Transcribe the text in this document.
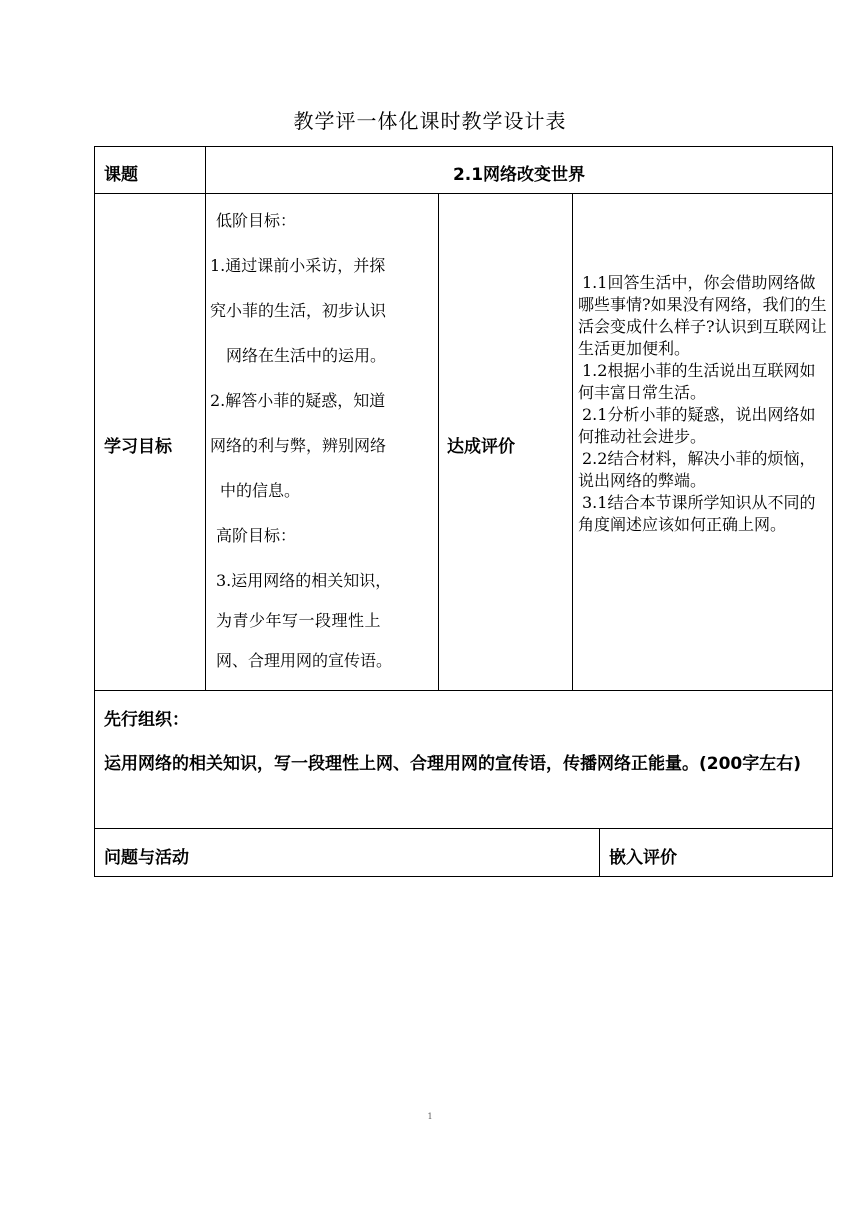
教学评一体化课时教学设计表
课题	2.1网络改变世界
学习目标
低阶目标：
1.通过课前小采访，并探
究小菲的生活，初步认识
网络在生活中的运用。
2.解答小菲的疑惑，知道
网络的利与弊，辨别网络
中的信息。
高阶目标：
3.运用网络的相关知识，
为青少年写一段理性上
网、合理用网的宣传语。
达成评价
1.1回答生活中，你会借助网络做哪些事情?如果没有网络，我们的生活会变成什么样子?认识到互联网让生活更加便利。
1.2根据小菲的生活说出互联网如何丰富日常生活。
2.1分析小菲的疑惑，说出网络如何推动社会进步。
2.2结合材料，解决小菲的烦恼，说出网络的弊端。
3.1结合本节课所学知识从不同的角度阐述应该如何正确上网。
先行组织：
运用网络的相关知识，写一段理性上网、合理用网的宣传语，传播网络正能量。(200字左右)
问题与活动	嵌入评价
1
